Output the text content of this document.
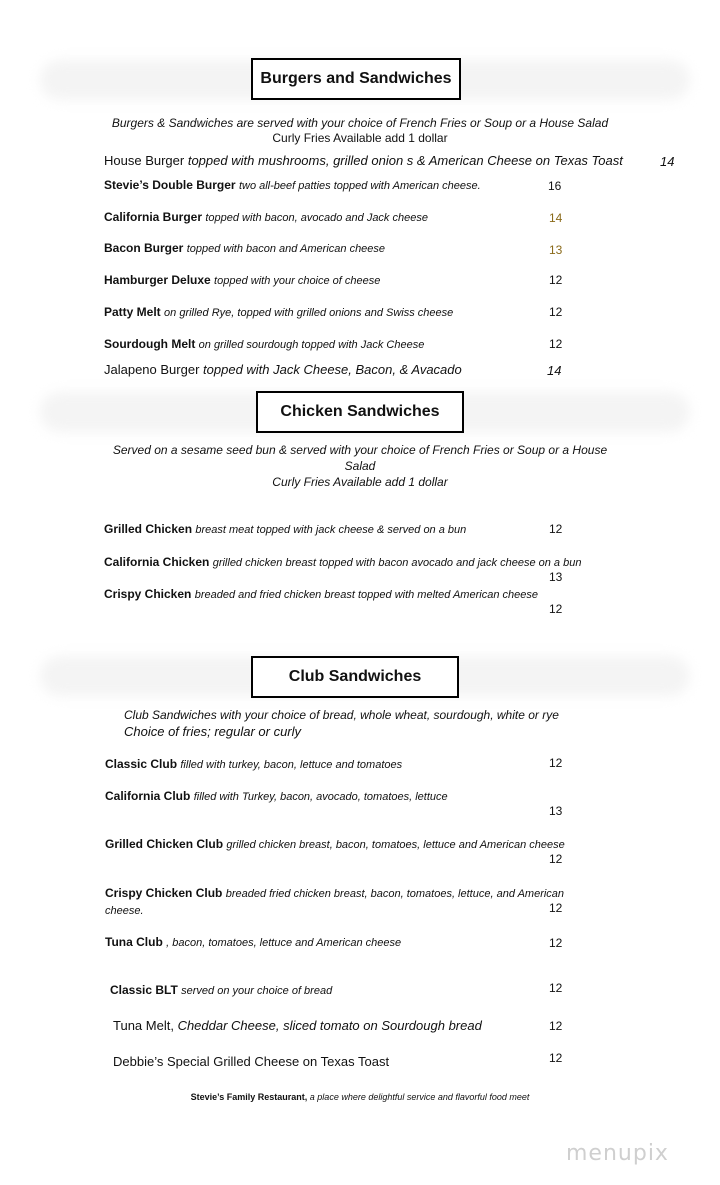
Burgers and Sandwiches
Burgers & Sandwiches are served with your choice of French Fries or Soup or a House Salad
Curly Fries Available add 1 dollar
House Burger topped with mushrooms, grilled onion s & American Cheese on Texas Toast	14
Stevie’s Double Burger two all-beef patties topped with American cheese.	16
California Burger topped with bacon, avocado and Jack cheese	14
Bacon Burger topped with bacon and American cheese	13
Hamburger Deluxe topped with your choice of cheese	12
Patty Melt on grilled Rye, topped with grilled onions and Swiss cheese	12
Sourdough Melt on grilled sourdough topped with Jack Cheese	12
Jalapeno Burger topped with Jack Cheese, Bacon, & Avacado	14
Chicken Sandwiches
Served on a sesame seed bun & served with your choice of French Fries or Soup or a House
Salad
Curly Fries Available add 1 dollar
Grilled Chicken breast meat topped with jack cheese & served on a bun	12
California Chicken grilled chicken breast topped with bacon avocado and jack cheese on a bun
13
Crispy Chicken breaded and fried chicken breast topped with melted American cheese
12
Club Sandwiches
Club Sandwiches with your choice of bread, whole wheat, sourdough, white or rye
Choice of fries; regular or curly
Classic Club filled with turkey, bacon, lettuce and tomatoes	12
California Club filled with Turkey, bacon, avocado, tomatoes, lettuce
13
Grilled Chicken Club grilled chicken breast, bacon, tomatoes, lettuce and American cheese
12
Crispy Chicken Club breaded fried chicken breast, bacon, tomatoes, lettuce, and American
cheese.	12
Tuna Club , bacon, tomatoes, lettuce and American cheese	12
Classic BLT served on your choice of bread	12
Tuna Melt, Cheddar Cheese, sliced tomato on Sourdough bread	12
Debbie’s Special Grilled Cheese on Texas Toast	12
Stevie’s Family Restaurant, a place where delightful service and flavorful food meet
menupix
